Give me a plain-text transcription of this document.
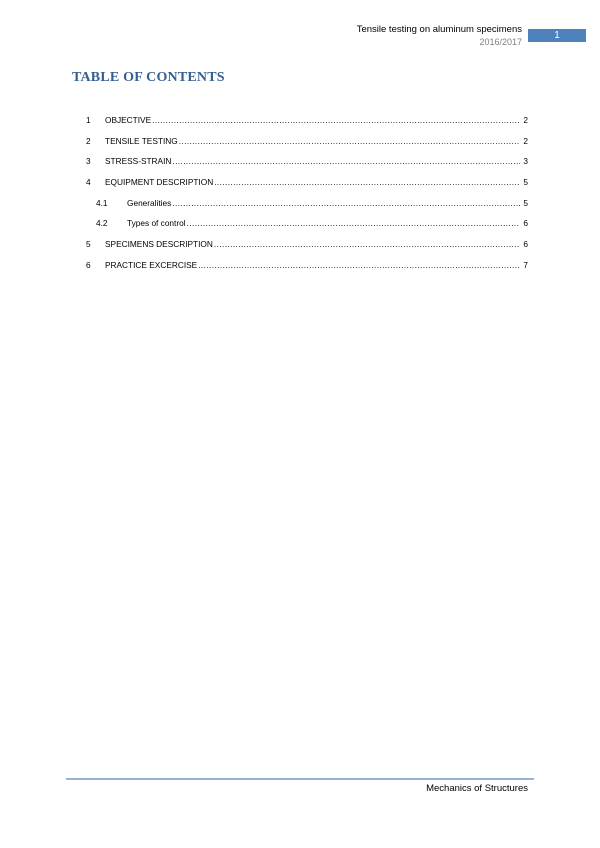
Tensile testing on aluminum specimens
2016/2017
1
TABLE OF CONTENTS
1	OBJECTIVE .....	2
2	TENSILE TESTING .....	2
3	STRESS-STRAIN .....	3
4	EQUIPMENT DESCRIPTION .....	5
4.1	Generalities .....	5
4.2	Types of control .....	6
5	SPECIMENS DESCRIPTION .....	6
6	PRACTICE EXCERCISE .....	7
Mechanics of Structures
